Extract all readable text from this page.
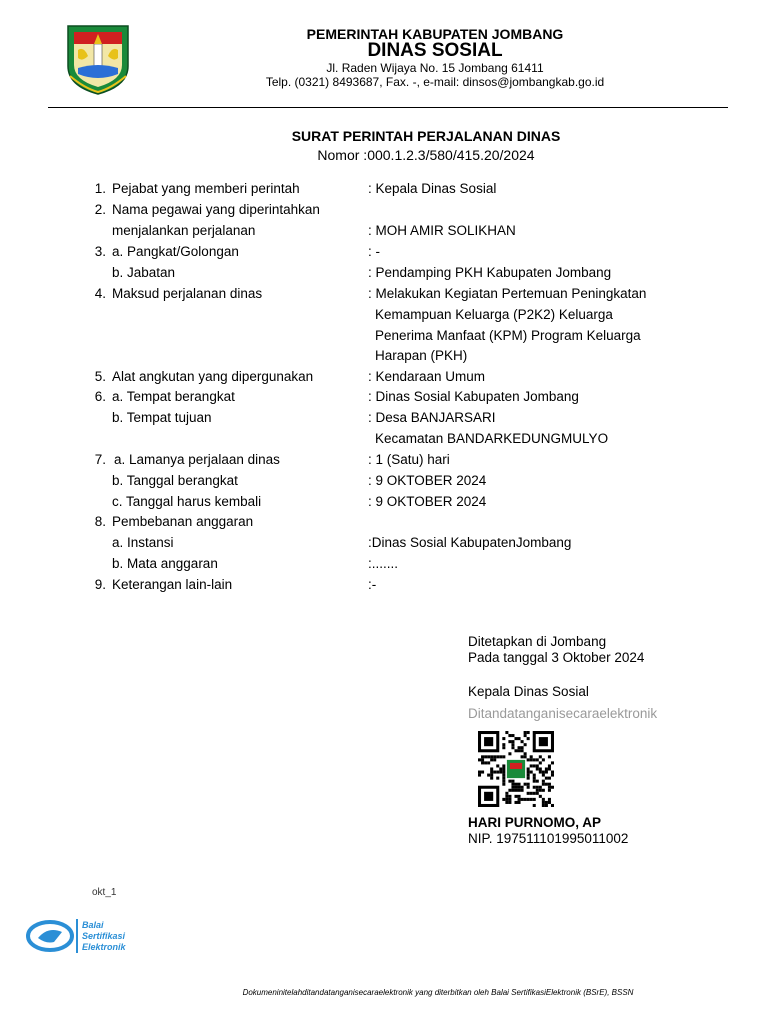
PEMERINTAH KABUPATEN JOMBANG
DINAS SOSIAL
Jl. Raden Wijaya No. 15 Jombang 61411
Telp. (0321) 8493687, Fax. -, e-mail: dinsos@jombangkab.go.id
SURAT PERINTAH PERJALANAN DINAS
Nomor :000.1.2.3/580/415.20/2024
1. Pejabat yang memberi perintah	: Kepala Dinas Sosial
2. Nama pegawai yang diperintahkan
menjalankan perjalanan	: MOH AMIR SOLIKHAN
3. a. Pangkat/Golongan	: -
b. Jabatan	: Pendamping PKH Kabupaten Jombang
4. Maksud perjalanan dinas	: Melakukan Kegiatan Pertemuan Peningkatan
Kemampuan Keluarga (P2K2) Keluarga
Penerima Manfaat (KPM) Program Keluarga
Harapan (PKH)
5. Alat angkutan yang dipergunakan	: Kendaraan Umum
6. a. Tempat berangkat	: Dinas Sosial Kabupaten Jombang
b. Tempat tujuan	: Desa BANJARSARI
Kecamatan BANDARKEDUNGMULYO
7. a. Lamanya perjalaan dinas	: 1 (Satu) hari
b. Tanggal berangkat	: 9 OKTOBER 2024
c. Tanggal harus kembali	: 9 OKTOBER 2024
8. Pembebanan anggaran
a. Instansi	:Dinas Sosial KabupatenJombang
b. Mata anggaran	:.......
9. Keterangan lain-lain	:-
Ditetapkan di Jombang
Pada tanggal 3 Oktober 2024
Kepala Dinas Sosial
Ditandatanganisecaraelektronik
HARI PURNOMO, AP
NIP. 197511101995011002
okt_1
Balai
Sertifikasi
Elektronik
Dokumeninitelahditandatanganisecaraelektronik yang diterbitkan oleh Balai SertifikasiElektronik (BSrE), BSSN
